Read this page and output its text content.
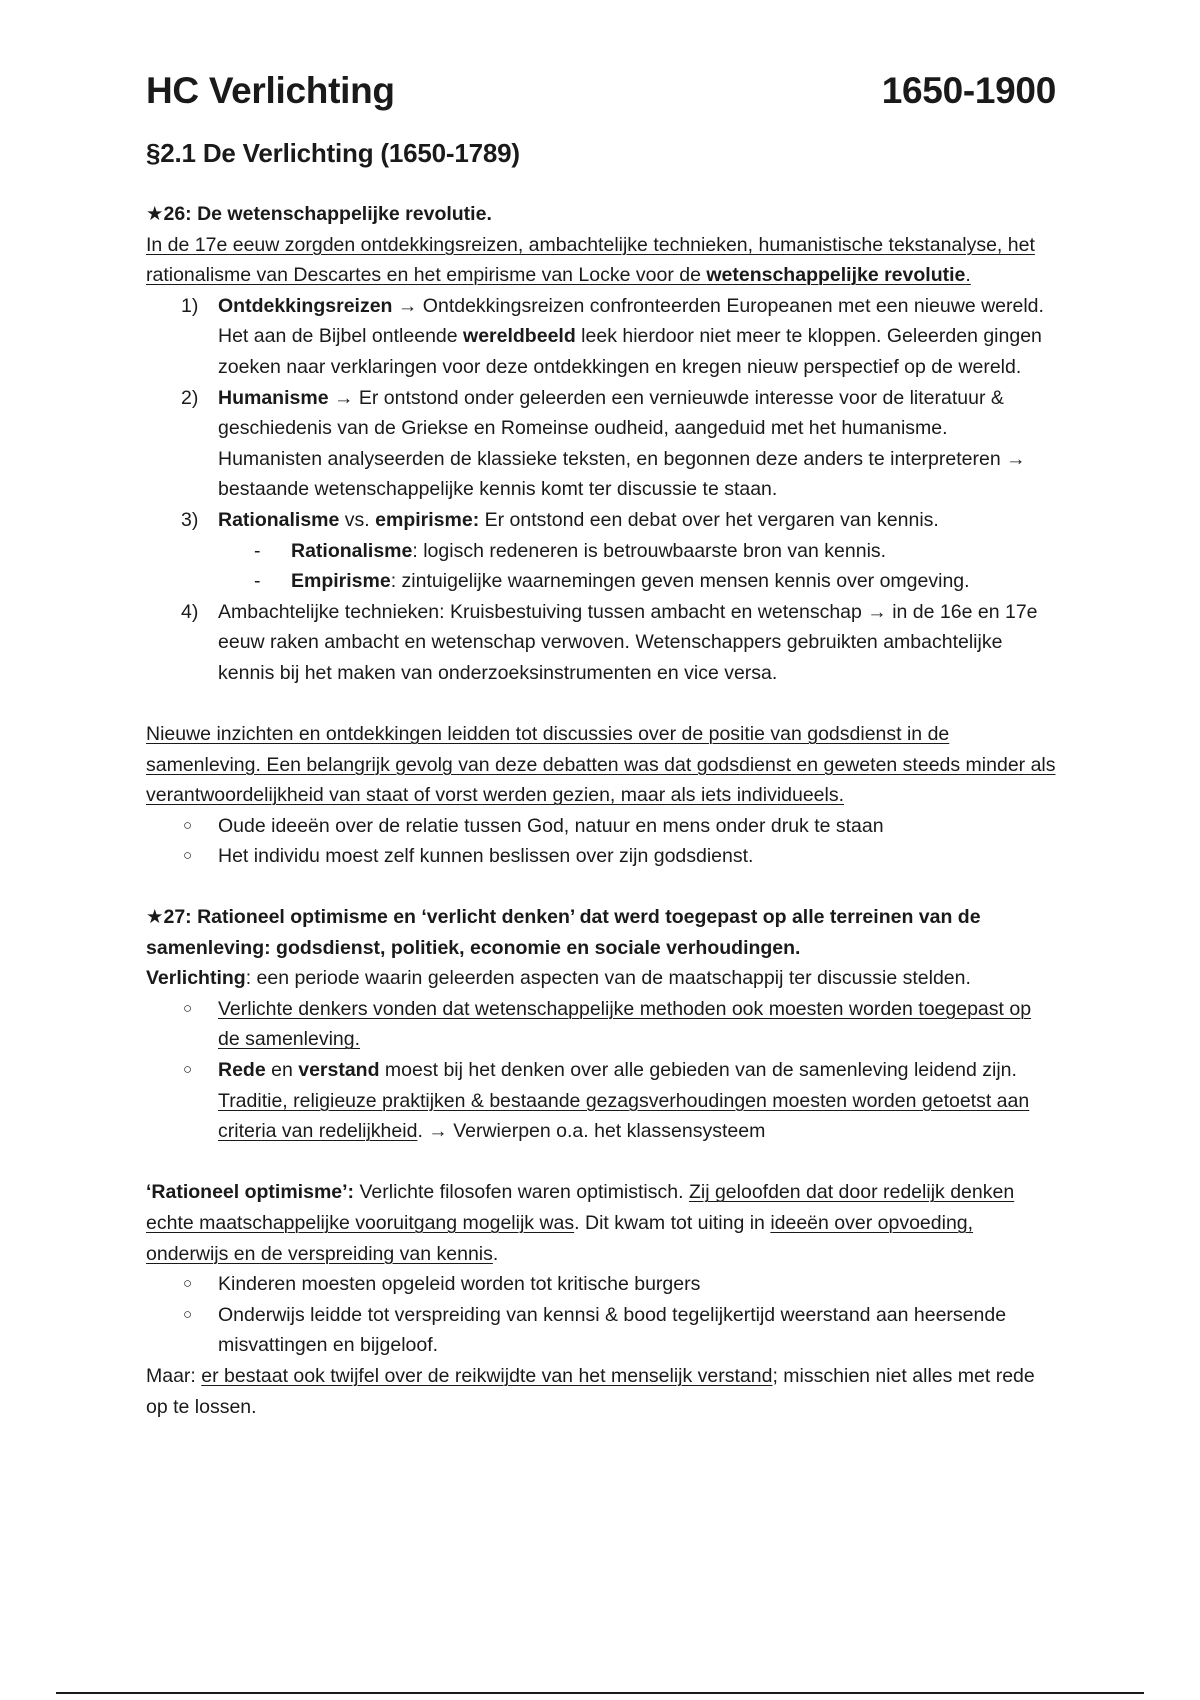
HC Verlichting	1650-1900
§2.1 De Verlichting (1650-1789)
★26: De wetenschappelijke revolutie.
In de 17e eeuw zorgden ontdekkingsreizen, ambachtelijke technieken, humanistische tekstanalyse, het rationalisme van Descartes en het empirisme van Locke voor de wetenschappelijke revolutie.
1) Ontdekkingsreizen → Ontdekkingsreizen confronteerden Europeanen met een nieuwe wereld. Het aan de Bijbel ontleende wereldbeeld leek hierdoor niet meer te kloppen. Geleerden gingen zoeken naar verklaringen voor deze ontdekkingen en kregen nieuw perspectief op de wereld.
2) Humanisme → Er ontstond onder geleerden een vernieuwde interesse voor de literatuur & geschiedenis van de Griekse en Romeinse oudheid, aangeduid met het humanisme. Humanisten analyseerden de klassieke teksten, en begonnen deze anders te interpreteren → bestaande wetenschappelijke kennis komt ter discussie te staan.
3) Rationalisme vs. empirisme: Er ontstond een debat over het vergaren van kennis.
- Rationalisme: logisch redeneren is betrouwbaarste bron van kennis.
- Empirisme: zintuigelijke waarnemingen geven mensen kennis over omgeving.
4) Ambachtelijke technieken: Kruisbestuiving tussen ambacht en wetenschap → in de 16e en 17e eeuw raken ambacht en wetenschap verwoven. Wetenschappers gebruikten ambachtelijke kennis bij het maken van onderzoeksinstrumenten en vice versa.
Nieuwe inzichten en ontdekkingen leidden tot discussies over de positie van godsdienst in de samenleving. Een belangrijk gevolg van deze debatten was dat godsdienst en geweten steeds minder als verantwoordelijkheid van staat of vorst werden gezien, maar als iets individueels.
○ Oude ideeën over de relatie tussen God, natuur en mens onder druk te staan
○ Het individu moest zelf kunnen beslissen over zijn godsdienst.
★27: Rationeel optimisme en ‘verlicht denken’ dat werd toegepast op alle terreinen van de samenleving: godsdienst, politiek, economie en sociale verhoudingen.
Verlichting: een periode waarin geleerden aspecten van de maatschappij ter discussie stelden.
○ Verlichte denkers vonden dat wetenschappelijke methoden ook moesten worden toegepast op de samenleving.
○ Rede en verstand moest bij het denken over alle gebieden van de samenleving leidend zijn. Traditie, religieuze praktijken & bestaande gezagsverhoudingen moesten worden getoetst aan criteria van redelijkheid. → Verwierpen o.a. het klassensysteem
‘Rationeel optimisme’: Verlichte filosofen waren optimistisch. Zij geloofden dat door redelijk denken echte maatschappelijke vooruitgang mogelijk was. Dit kwam tot uiting in ideeën over opvoeding, onderwijs en de verspreiding van kennis.
○ Kinderen moesten opgeleid worden tot kritische burgers
○ Onderwijs leidde tot verspreiding van kennsi & bood tegelijkertijd weerstand aan heersende misvattingen en bijgeloof.
Maar: er bestaat ook twijfel over de reikwijdte van het menselijk verstand; misschien niet alles met rede op te lossen.
